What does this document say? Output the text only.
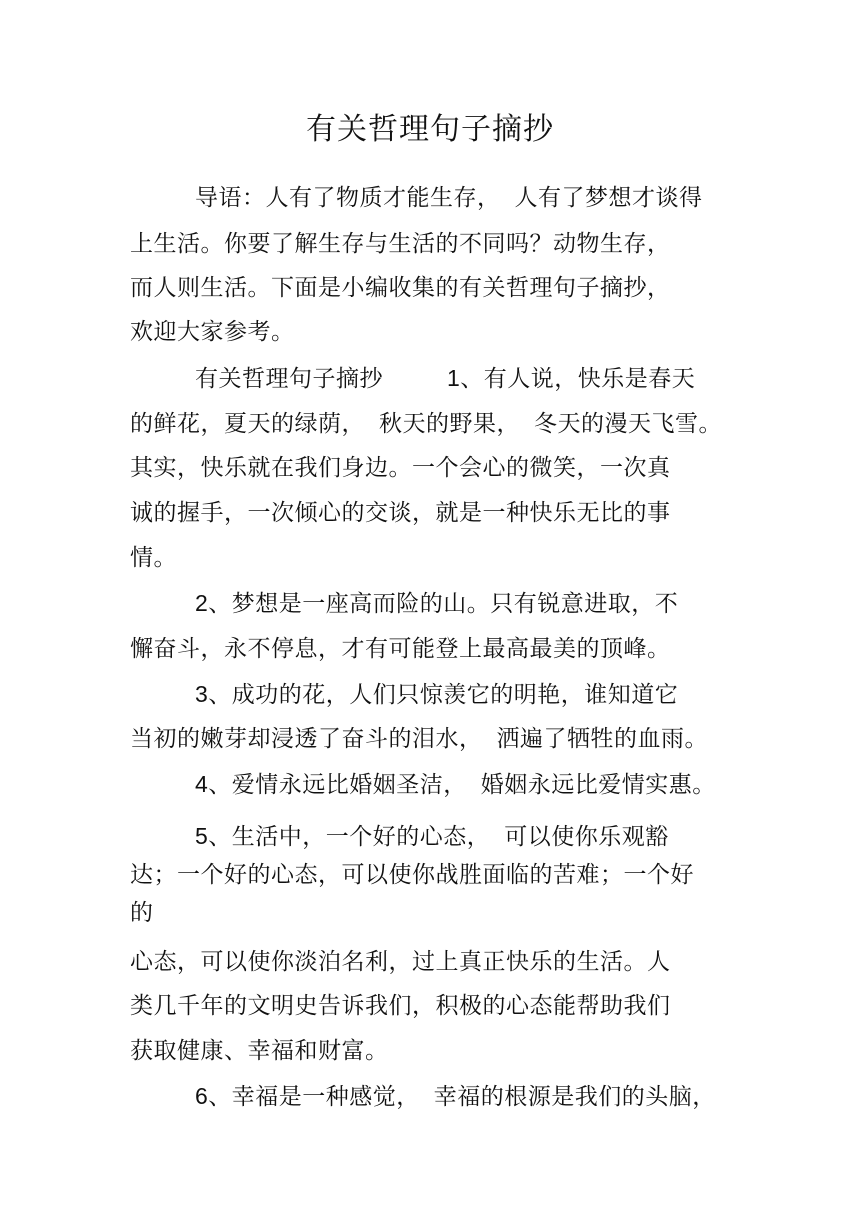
有关哲理句子摘抄
导语：人有了物质才能生存， 人有了梦想才谈得
上生活。你要了解生存与生活的不同吗？动物生存，
而人则生活。下面是小编收集的有关哲理句子摘抄，
欢迎大家参考。
有关哲理句子摘抄	1、有人说，快乐是春天
的鲜花，夏天的绿荫， 秋天的野果， 冬天的漫天飞雪。
其实，快乐就在我们身边。一个会心的微笑，一次真
诚的握手，一次倾心的交谈，就是一种快乐无比的事
情。
2、梦想是一座高而险的山。只有锐意进取，不
懈奋斗，永不停息，才有可能登上最高最美的顶峰。
3、成功的花，人们只惊羡它的明艳，谁知道它
当初的嫩芽却浸透了奋斗的泪水， 洒遍了牺牲的血雨。
4、爱情永远比婚姻圣洁， 婚姻永远比爱情实惠。
5、生活中，一个好的心态， 可以使你乐观豁
达；一个好的心态，可以使你战胜面临的苦难；一个好
的
心态，可以使你淡泊名利，过上真正快乐的生活。人
类几千年的文明史告诉我们，积极的心态能帮助我们
获取健康、幸福和财富。
6、幸福是一种感觉， 幸福的根源是我们的头脑，
